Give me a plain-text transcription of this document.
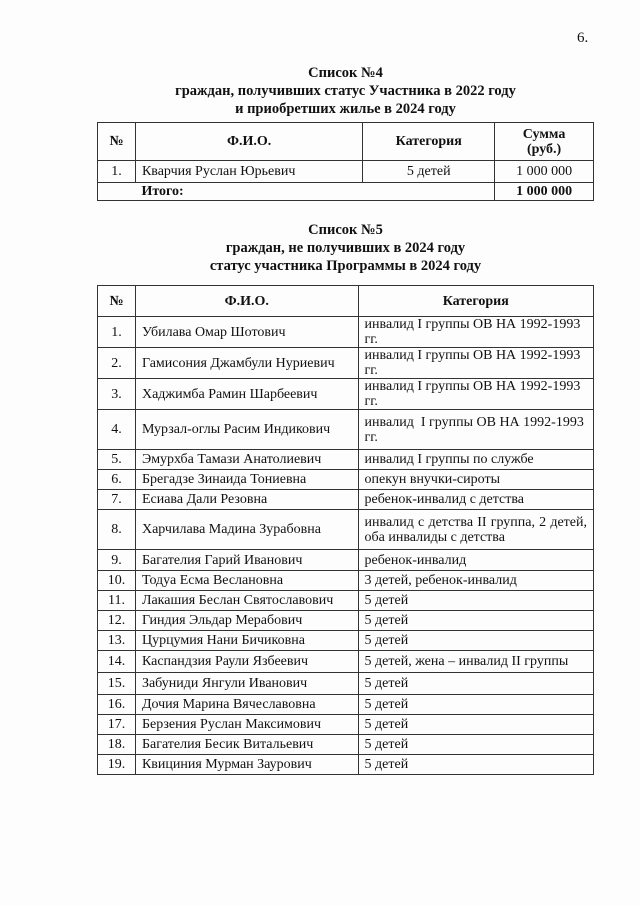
6.
Список №4
граждан, получивших статус Участника в 2022 году
и приобретших жилье в 2024 году
№	Ф.И.О.	Категория	Сумма
(руб.)
1.	Кварчия Руслан Юрьевич	5 детей	1 000 000
	Итого:		1 000 000
Список №5
граждан, не получивших в 2024 году
статус участника Программы в 2024 году
№	Ф.И.О.	Категория
1.	Убилава Омар Шотович	инвалид I группы ОВ НА 1992-1993 гг.
2.	Гамисония Джамбули Нуриевич	инвалид I группы ОВ НА 1992-1993 гг.
3.	Хаджимба Рамин Шарбеевич	инвалид I группы ОВ НА 1992-1993 гг.
4.	Мурзал-оглы Расим Индикович	инвалид  I группы ОВ НА 1992-1993 гг.
5.	Эмурхба Тамази Анатолиевич	инвалид I группы по службе
6.	Брегадзе Зинаида Тониевна	опекун внучки-сироты
7.	Есиава Дали Резовна	ребенок-инвалид с детства
8.	Харчилава Мадина Зурабовна	инвалид с детства II группа, 2 детей, оба инвалиды с детства
9.	Багателия Гарий Иванович	ребенок-инвалид
10.	Тодуа Есма Веслановна	3 детей, ребенок-инвалид
11.	Лакашия Беслан Святославович	5 детей
12.	Гиндия Эльдар Мерабович	5 детей
13.	Цурцумия Нани Бичиковна	5 детей
14.	Каспандзия Раули Язбеевич	5 детей, жена – инвалид II группы
15.	Забуниди Янгули Иванович	5 детей
16.	Дочия Марина Вячеславовна	5 детей
17.	Берзения Руслан Максимович	5 детей
18.	Багателия Бесик Витальевич	5 детей
19.	Квициния Мурман Заурович	5 детей
